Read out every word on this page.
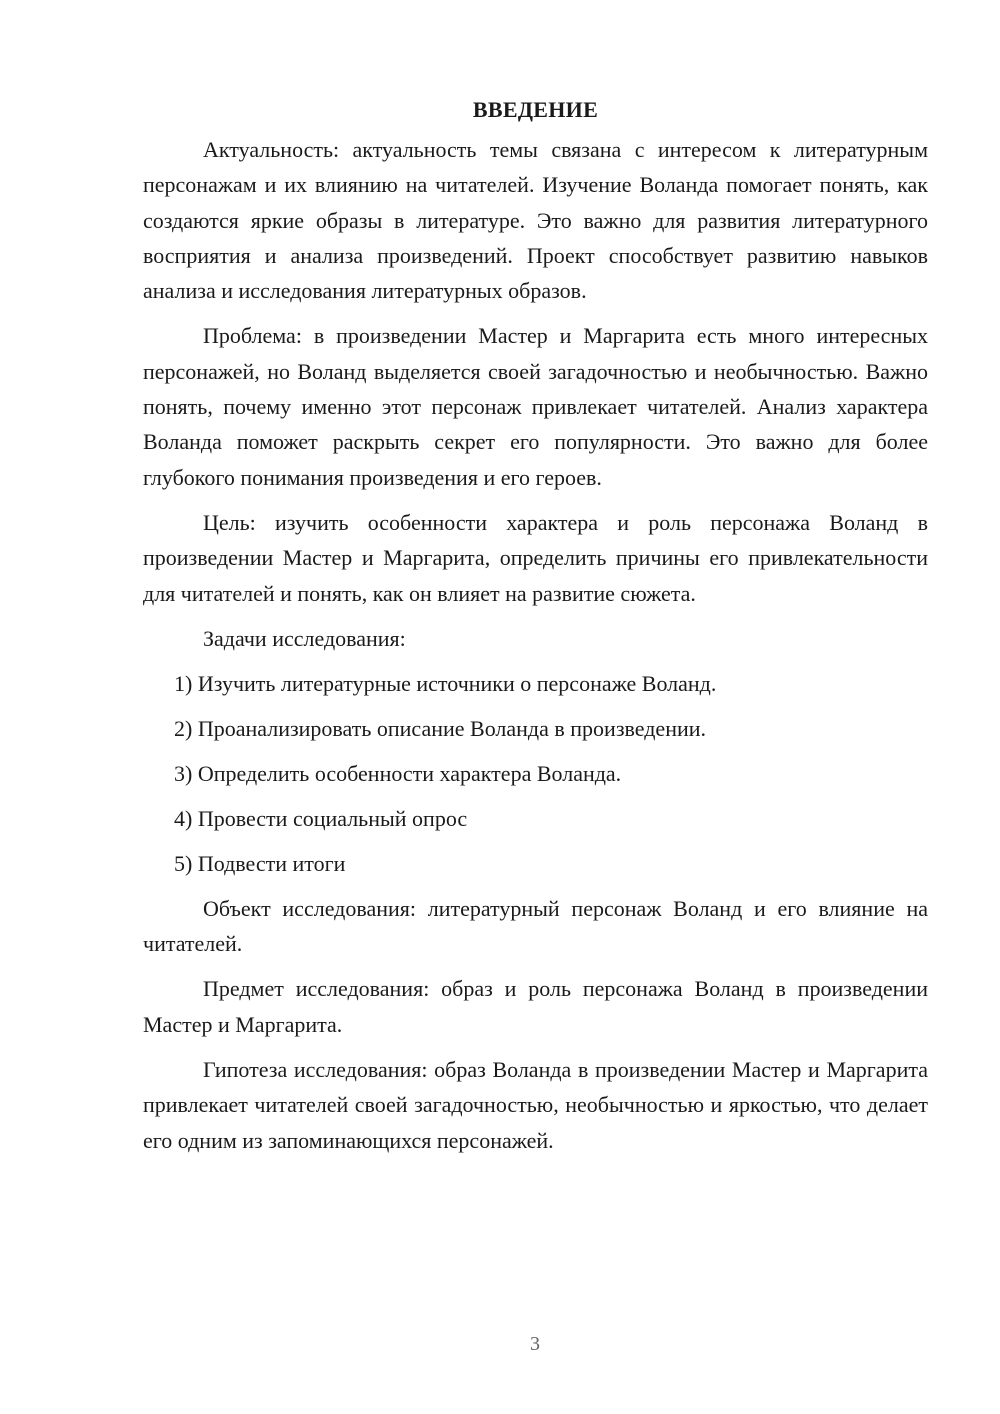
ВВЕДЕНИЕ

Актуальность: актуальность темы связана с интересом к литературным персонажам и их влиянию на читателей. Изучение Воланда помогает понять, как создаются яркие образы в литературе. Это важно для развития литературного восприятия и анализа произведений. Проект способствует развитию навыков анализа и исследования литературных образов.

Проблема: в произведении Мастер и Маргарита есть много интересных персонажей, но Воланд выделяется своей загадочностью и необычностью. Важно понять, почему именно этот персонаж привлекает читателей. Анализ характера Воланда поможет раскрыть секрет его популярности. Это важно для более глубокого понимания произведения и его героев.

Цель: изучить особенности характера и роль персонажа Воланд в произведении Мастер и Маргарита, определить причины его привлекательности для читателей и понять, как он влияет на развитие сюжета.

Задачи исследования:
1) Изучить литературные источники о персонаже Воланд.
2) Проанализировать описание Воланда в произведении.
3) Определить особенности характера Воланда.
4) Провести социальный опрос
5) Подвести итоги

Объект исследования: литературный персонаж Воланд и его влияние на читателей.

Предмет исследования: образ и роль персонажа Воланд в произведении Мастер и Маргарита.

Гипотеза исследования: образ Воланда в произведении Мастер и Маргарита привлекает читателей своей загадочностью, необычностью и яркостью, что делает его одним из запоминающихся персонажей.

3
